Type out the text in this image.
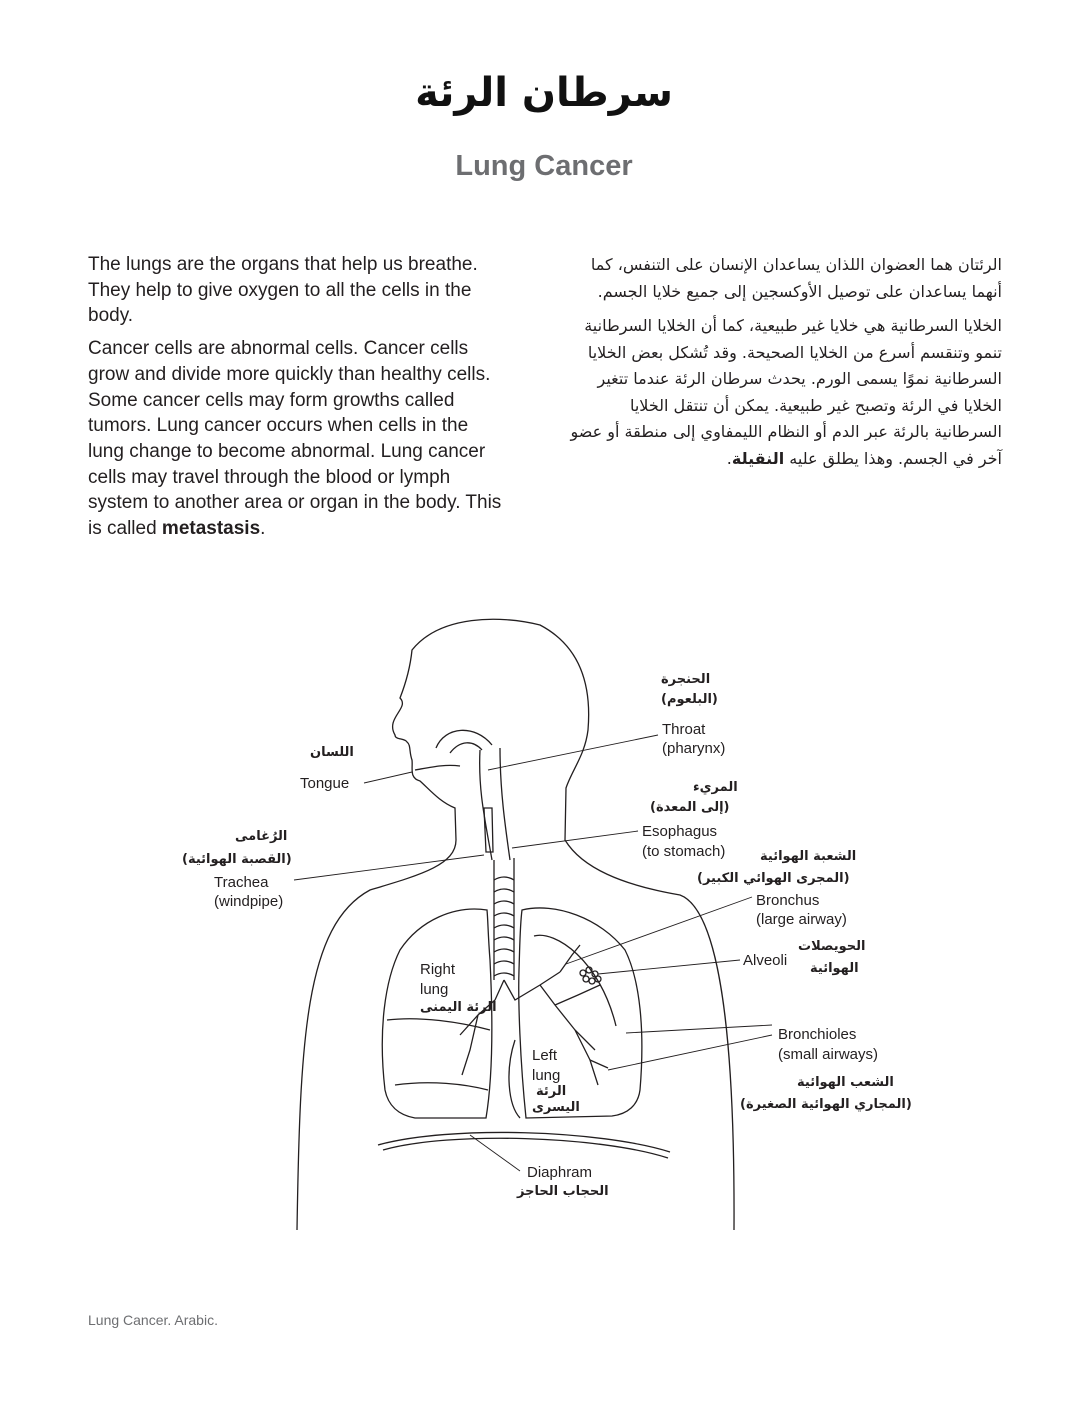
سرطان الرئة
Lung Cancer

The lungs are the organs that help us breathe. They help to give oxygen to all the cells in the body.

Cancer cells are abnormal cells. Cancer cells grow and divide more quickly than healthy cells. Some cancer cells may form growths called tumors. Lung cancer occurs when cells in the lung change to become abnormal. Lung cancer cells may travel through the blood or lymph system to another area or organ in the body. This is called metastasis.

الرئتان هما العضوان اللذان يساعدان الإنسان على التنفس، كما أنهما يساعدان على توصيل الأوكسجين إلى جميع خلايا الجسم.

الخلايا السرطانية هي خلايا غير طبيعية، كما أن الخلايا السرطانية تنمو وتنقسم أسرع من الخلايا الصحيحة. وقد تُشكل بعض الخلايا السرطانية نموًا يسمى الورم. يحدث سرطان الرئة عندما تتغير الخلايا في الرئة وتصبح غير طبيعية. يمكن أن تنتقل الخلايا السرطانية بالرئة عبر الدم أو النظام الليمفاوي إلى منطقة أو عضو آخر في الجسم. وهذا يطلق عليه النقيلة.

الحنجرة
(البلعوم)
Throat
(pharynx)
اللسان
Tongue	المريء
(إلى المعدة)
Esophagus
(to stomach)
الرُغامى
(القصبة الهوائية)
Trachea
(windpipe)
الشعبة الهوائية
(المجرى الهوائي الكبير)
Bronchus
(large airway)
Alveoli
الحويصلات
الهوائية
Right
lung
الرئة اليمنى
Bronchioles
(small airways)
الشعب الهوائية
(المجاري الهوائية الصغيرة)
Left
lung
الرئة
اليسرى
Diaphram
الحجاب الحاجز
Lung Cancer. Arabic.
